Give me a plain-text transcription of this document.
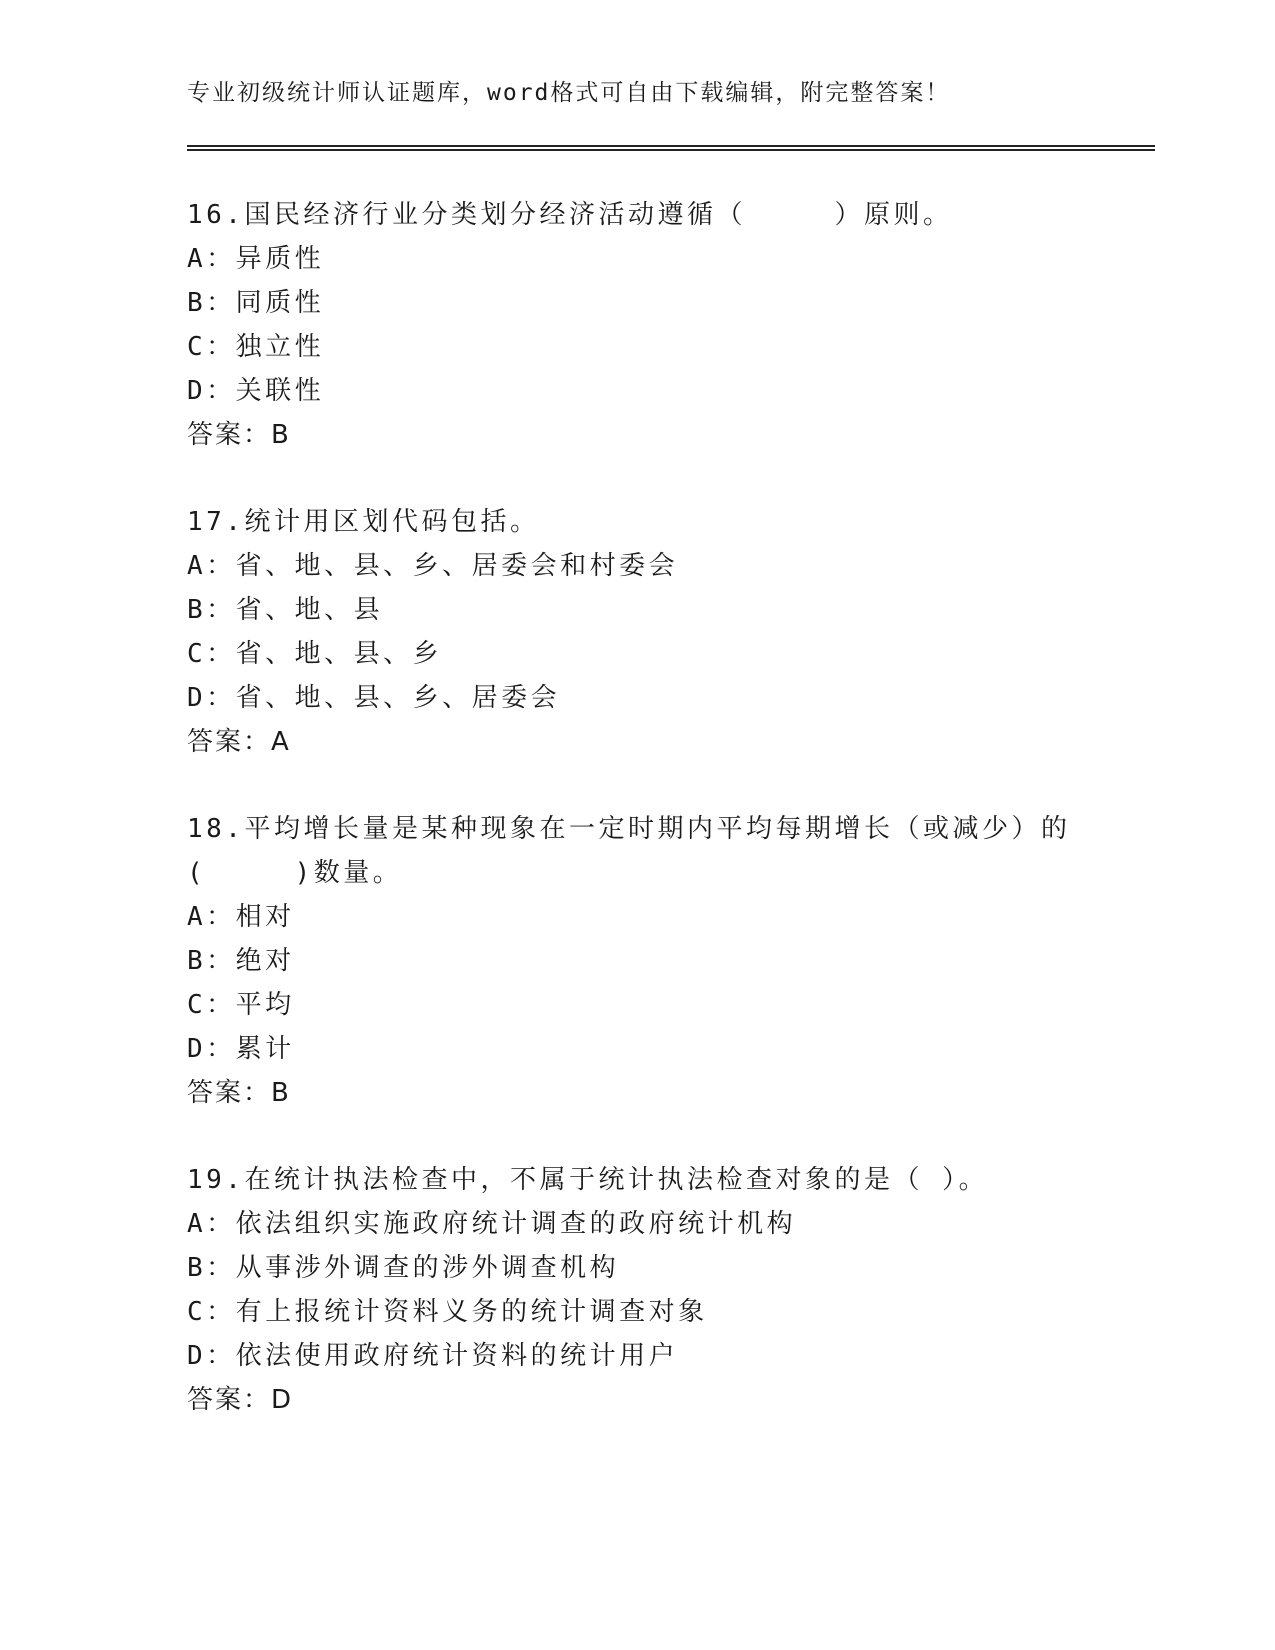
专业初级统计师认证题库，word格式可自由下载编辑，附完整答案！
16.国民经济行业分类划分经济活动遵循（　　　）原则。
A：异质性
B：同质性
C：独立性
D：关联性
答案：B
17.统计用区划代码包括。
A：省、地、县、乡、居委会和村委会
B：省、地、县
C：省、地、县、乡
D：省、地、县、乡、居委会
答案：A
18.平均增长量是某种现象在一定时期内平均每期增长（或减少）的
(　　　)数量。
A：相对
B：绝对
C：平均
D：累计
答案：B
19.在统计执法检查中，不属于统计执法检查对象的是（ ）。
A：依法组织实施政府统计调查的政府统计机构
B：从事涉外调查的涉外调查机构
C：有上报统计资料义务的统计调查对象
D：依法使用政府统计资料的统计用户
答案：D
